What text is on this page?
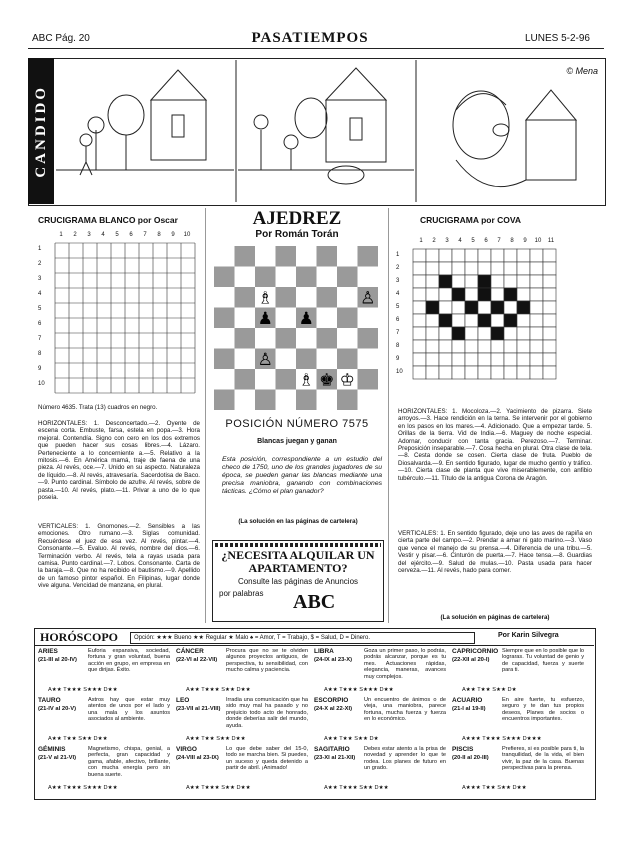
ABC Pág. 20	PASATIEMPOS	LUNES 5-2-96
CANDIDO
© Mena
CRUCIGRAMA BLANCO por Oscar
1	2	3	4	5	6	7	8	9	10
1
2
3
4
5
6
7
8
9
10
Número 4635. Trata (13) cuadros en negro.
HORIZONTALES: 1. Desconcertado.—2. Oyente de escena corta. Embuste, farsa, estela en popa.—3. Hora mejoral. Contendía. Signo con cero en los dos extremos que pueden hacer sus cosas libres.—4. Lázaro. Perteneciente a lo concerniente a.—5. Relativo a la mitosis.—6. En América mamá, traje de faena de una pieza. Al revés, oce.—7. Unido en su aspecto. Naturaleza de líquido.—8. Al revés, atravesaría. Sacerdotisa de Baco.—9. Punto cardinal. Símbolo de azufre. Al revés, sobre de pasta.—10. Al revés, plato.—11. Privar a uno de lo que poseía.
VERTICALES: 1. Gnomones.—2. Sensibles a las emociones. Otro rumano.—3. Siglas comunidad. Recuérdese el juez de esa vez. Al revés, pintar.—4. Consonante.—5. Evaluo. Al revés, nombre del dios.—6. Terminación verbo. Al revés, tela a rayas usada para camisa. Punto cardinal.—7. Lobos. Consonante. Carta de la baraja.—8. Que no ha recibido el bautismo.—9. Apellido de un famoso pintor español. En Filipinas, lugar donde vive alguna. Vencidad de manzana, en plural.
AJEDREZ
Por Román Torán
♟
♗	♙
♟
♙
♗ ♚ ♔
POSICIÓN NÚMERO 7575
Blancas juegan y ganan
Esta posición, correspondiente a un estudio del checo de 1750, uno de los grandes jugadores de su época, se pueden ganar las blancas mediante una precisa maniobra, ganando con combinaciones tácticas. ¿Cómo el plan ganador?
(La solución en las páginas de cartelera)
¿NECESITA ALQUILAR UN APARTAMENTO?
Consulte las páginas de Anuncios
por palabras ABC
CRUCIGRAMA por COVA
1	2	3	4	5	6	7	8	9	10	11
1
2
3
4
5
6
7
8
9
10
HORIZONTALES: 1. Mocoloza.—2. Yacimiento de pizarra. Siete arroyos.—3. Hace rendición en la terna. Se intervenir por el gobierno en los pasos en los mares.—4. Adicionado. Que a empezar tarde. 5. Orillas de la tierra. Vid de India.—6. Maguey de noche especial. Adornar, conducir con tanta gracia. Perezoso.—7. Terminar. Preposición inseparable.—7. Cosa hecha en plural. Otra clase de tela.—8. Cesta donde se cosen. Cierta clase de fruta. Pueblo de Diosalvarda.—9. En sentido figurado, lugar de mucho gentío y tráfico.—10. Cierta clase de planta que vive miserablemente, con anfibio tubérculo.—11. Título de la antigua Corona de Aragón.
VERTICALES: 1. En sentido figurado, deje uno las aves de rapiña en cierta parte del campo.—2. Prendar a amar ni gato marino.—3. Vaso que vence el manejo de su prensa.—4. Diferencia de una tribu.—5. Vestir y pisar.—6. Cinturón de puerta.—7. Hace tensa.—8. Guardias del ejército.—9. Salud de mulas.—10. Pasta usada para hacer cerveza.—11. Al revés, hado para comer.
(La solución en páginas de cartelera)
HORÓSCOPO	Opción: ★★★ Bueno ★★ Regular ★ Malo ♠ = Amor, T = Trabajo, $ = Salud, D = Dinero.	Por Karin Silvegra
ARIES
(21-III al 20-IV)
Euforia expansiva, sociedad, fortuna y gran voluntad, buena acción en grupo, en empresa en que dirijas. Éxito.
A★★ T★★★ S★★★ D★★
TAURO
(21-IV al 20-V)
Astros hay que estar muy atentos de unos por el lado y una mala y los asuntos asociados al ambiente.
A★★ T★★ S★★ D★★
GÉMINIS
(21-V al 21-VI)
Magnetismo, chispa, genial, a perfecta, gran capacidad y gama, afable, afectivo, brillante, con mucha energía pero sin buena suerte.
A★★ T★★★ S★★★ D★★
CÁNCER
(22-VI al 22-VII)
Procura que no se te olviden algunos proyectos antiguos, de perspectiva, tu sensibilidad, con mucho calma y paciencia.
A★★ T★★★ S★★ D★★
LEO
(23-VII al 21-VIII)
Irradia una comunicación que ha sido muy mal ha pasado y no prejuicio todo acto de honrado, donde deberías salir del mundo, ayuda.
A★★ T★★ S★★ D★★
VIRGO
(24-VIII al 23-IX)
Lo que debe saber del 15-0, todo se marcha bien. Si puedes, un suceso y queda detenido a partir de abril. ¡Animado!
A★★ T★★★ S★★ D★★
LIBRA
(24-IX al 23-X)
Goza un primer paso, lo podrás, podrás alcanzar, porque es tu mes. Actuaciones rápidas, elegancia, maneras, avances muy complejos.
A★★ T★★★ S★★★ D★★
ESCORPIO
(24-X al 22-XI)
Un encuentro de ánimos o de vieja, una maniobra, parece fortuna, mucha fuerza y fuerza en lo económico.
A★★ T★★ S★★ D★
SAGITARIO
(23-XI al 21-XII)
Debes estar atento a la prisa de novedad y aprender lo que te rodea. Los planes de futuro en un grado.
A★★ T★★★ S★★ D★★
CAPRICORNIO
(22-XII al 20-I)
Siempre que en lo posible que lo lograras. Tu voluntad de genio y de capacidad, fuerza y suerte para ti.
A★★ T★★ S★★ D★
ACUARIO
(21-I al 19-II)
En aire fuerte, tu esfuerzo, seguro y te dan tus propios deseos, Planes de socios o encuentros importantes.
A★★★ T★★★ S★★★ D★★★
PISCIS
(20-II al 20-III)
Prefieres, si es posible para ti, la tranquilidad, de la vida, el bien vivir, la paz de la casa. Buenas perspectivas para la prensa.
A★★★ T★★ S★★ D★★
